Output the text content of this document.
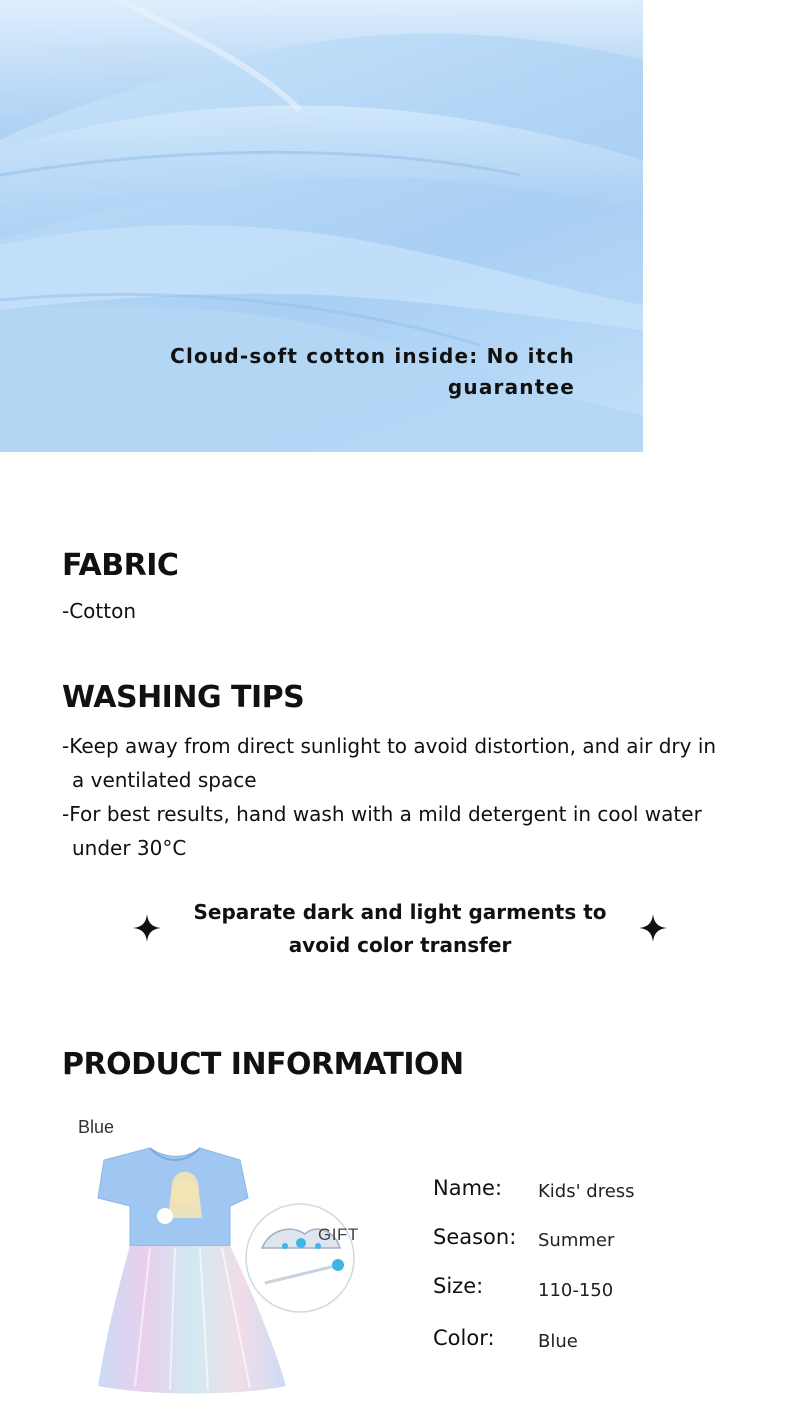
Cloud-soft cotton inside: No itch guarantee
FABRIC
-Cotton
WASHING TIPS
-Keep away from direct sunlight to avoid distortion, and air dry in a ventilated space
-For best results, hand wash with a mild detergent in cool water under 30°C
Separate dark and light garments to avoid color transfer
PRODUCT INFORMATION
Blue
GIFT
Name: Kids' dress
Season: Summer
Size:	110-150
Color: Blue
